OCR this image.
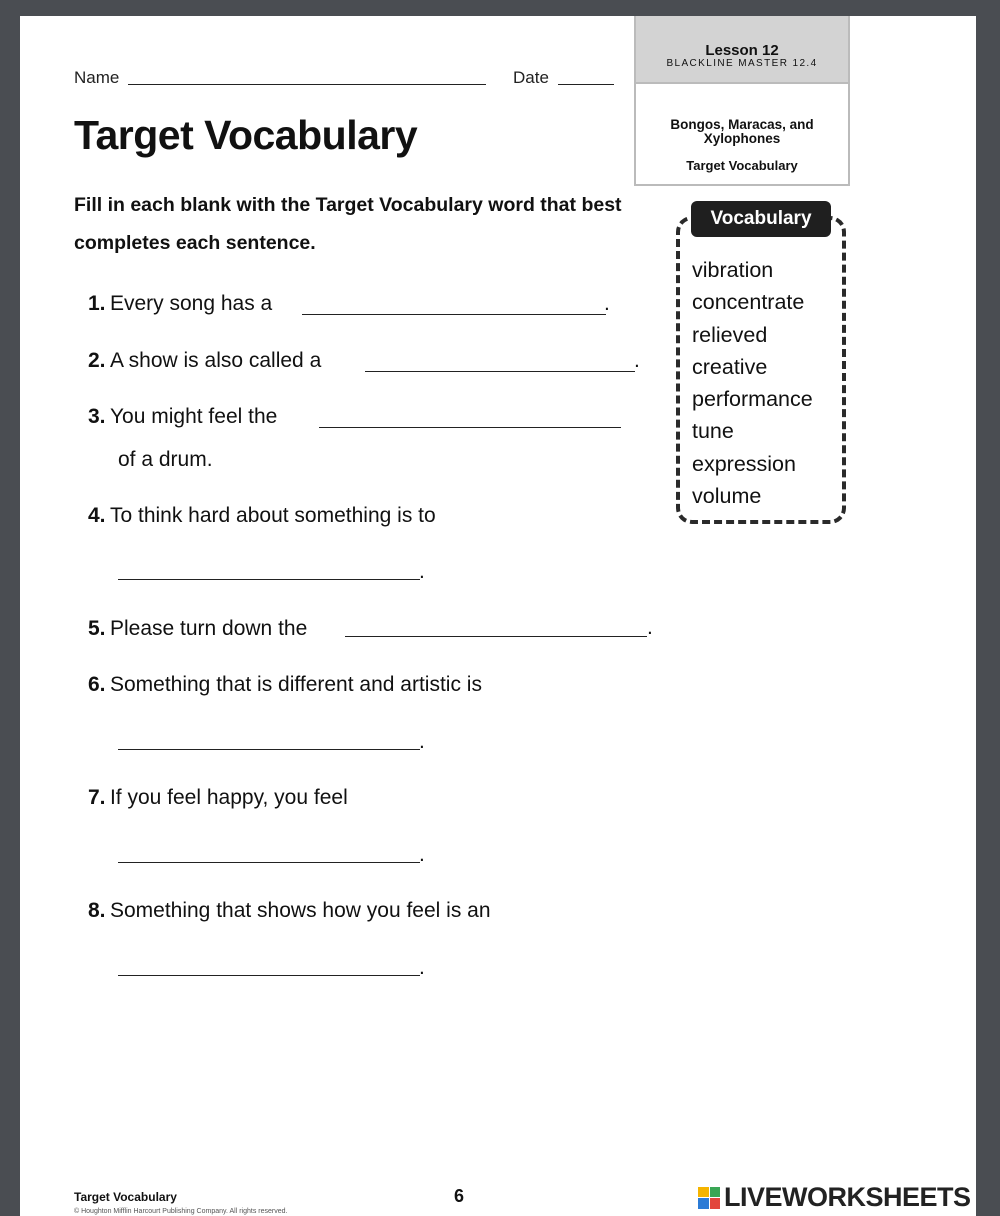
Name	Date
Lesson 12
BLACKLINE MASTER 12.4
Bongos, Maracas, and Xylophones
Target Vocabulary
Target Vocabulary
Fill in each blank with the Target Vocabulary word that best completes each sentence.
1. Every song has a	.
2. A show is also called a	.
3. You might feel the
of a drum.
4. To think hard about something is to
.
5. Please turn down the	.
6. Something that is different and artistic is
.
7. If you feel happy, you feel
.
8. Something that shows how you feel is an
.
Vocabulary
vibration
concentrate
relieved
creative
performance
tune
expression
volume
Target Vocabulary
© Houghton Mifflin Harcourt Publishing Company. All rights reserved.
6	LIVEWORKSHEETS
